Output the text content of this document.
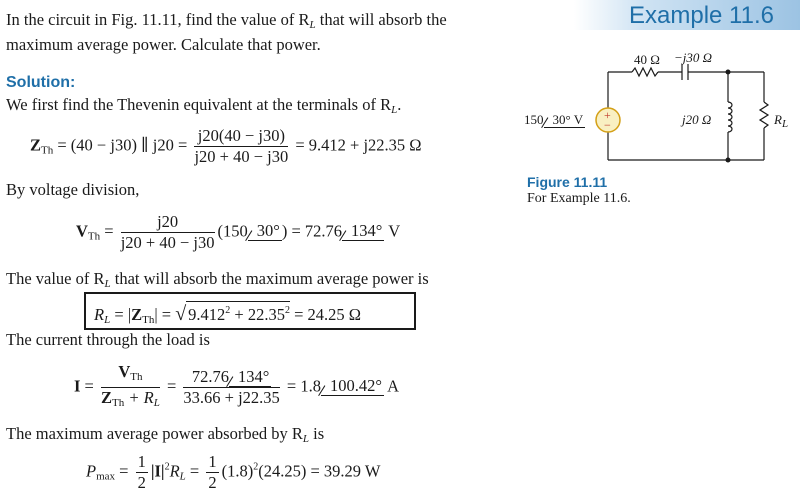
Example 11.6
In the circuit in Fig. 11.11, find the value of $R_L$ that will absorb the
maximum average power. Calculate that power.
Solution:
We first find the Thevenin equivalent at the terminals of $R_L$.
$Z_{Th} = (40 - j30)$ ∥ $j20 = \frac{j20(40 - j30)}{j20 + 40 - j30} = 9.412 + j22.35$ Ω
By voltage division,
$V_{Th} = \frac{j20}{j20 + 40 - j30} (150$ 30° ) = 72.76 134° V
The value of $R_L$ that will absorb the maximum average power is
$R_L = |Z_{Th}|$ = √ $9.412^2 + 22.35^2 = 24.25$ Ω
The current through the load is
$I = \frac{V_{Th}}{Z_{Th} + R_L} = \frac{72.76 134^\circ}{33.66 + j22.35} = 1.8$ 100.42° A
The maximum average power absorbed by $R_L$ is
$P_{max} = \frac{1}{2} |I|^2R_L = \frac{1}{2} (1.8)^2(24.25) = 39.29$ W
40 Ω −j30 Ω
150 30° V +
−	j20 Ω	$R_L$
Figure 11.11
For Example 11.6.
